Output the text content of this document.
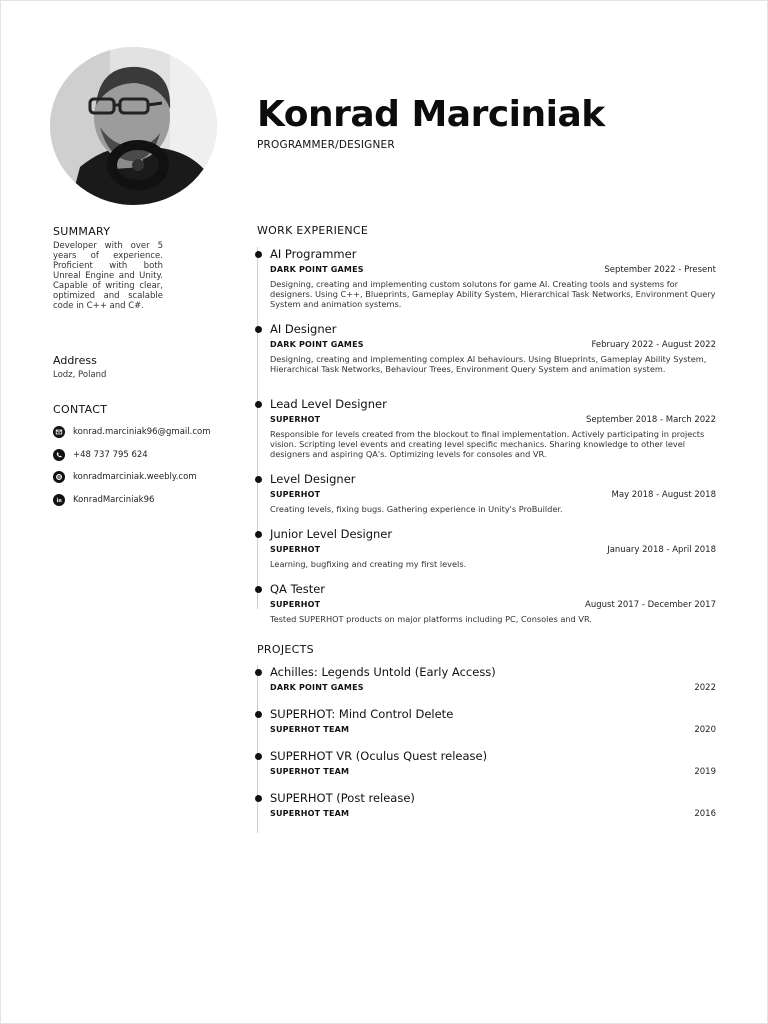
Konrad Marciniak
PROGRAMMER/DESIGNER
SUMMARY
Developer with over 5 years of experience. Proficient with both Unreal Engine and Unity. Capable of writing clear, optimized and scalable code in C++ and C#.
Address
Lodz, Poland
CONTACT
konrad.marciniak96@gmail.com
+48 737 795 624
konradmarciniak.weebly.com
KonradMarciniak96
WORK EXPERIENCE
AI Programmer
DARK POINT GAMES	September 2022 - Present
Designing, creating and implementing custom solutons for game AI. Creating tools and systems for designers. Using C++, Blueprints, Gameplay Ability System, Hierarchical Task Networks, Environment Query System and animation systems.
AI Designer
DARK POINT GAMES	February 2022 - August 2022
Designing, creating and implementing complex AI behaviours. Using Blueprints, Gameplay Ability System, Hierarchical Task Networks, Behaviour Trees, Environment Query System and animation system.
Lead Level Designer
SUPERHOT	September 2018 - March 2022
Responsible for levels created from the blockout to final implementation. Actively participating in projects vision. Scripting level events and creating level specific mechanics. Sharing knowledge to other level designers and aspiring QA's. Optimizing levels for consoles and VR.
Level Designer
SUPERHOT	May 2018 - August 2018
Creating levels, fixing bugs. Gathering experience in Unity's ProBuilder.
Junior Level Designer
SUPERHOT	January 2018 - April 2018
Learning, bugfixing and creating my first levels.
QA Tester
SUPERHOT	August 2017 - December 2017
Tested SUPERHOT products on major platforms including PC, Consoles and VR.
PROJECTS
Achilles: Legends Untold (Early Access)
DARK POINT GAMES	2022
SUPERHOT: Mind Control Delete
SUPERHOT TEAM	2020
SUPERHOT VR (Oculus Quest release)
SUPERHOT TEAM	2019
SUPERHOT (Post release)
SUPERHOT TEAM	2016
